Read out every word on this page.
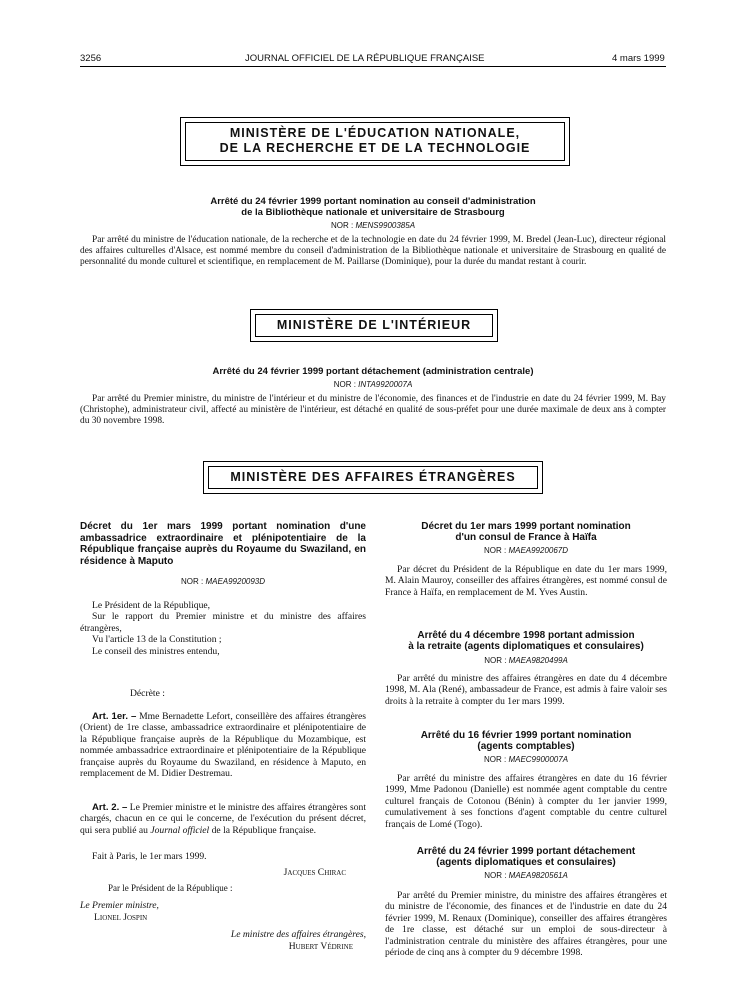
3256	JOURNAL OFFICIEL DE LA RÉPUBLIQUE FRANÇAISE	4 mars 1999
MINISTÈRE DE L'ÉDUCATION NATIONALE,
DE LA RECHERCHE ET DE LA TECHNOLOGIE
Arrêté du 24 février 1999 portant nomination au conseil d'administration
de la Bibliothèque nationale et universitaire de Strasbourg
NOR : MENS9900385A
Par arrêté du ministre de l'éducation nationale, de la recherche et de la technologie en date du 24 février 1999, M. Bredel (Jean-Luc), directeur régional des affaires culturelles d'Alsace, est nommé membre du conseil d'administration de la Bibliothèque nationale et universitaire de Strasbourg en qualité de personnalité du monde culturel et scientifique, en remplacement de M. Paillarse (Dominique), pour la durée du mandat restant à courir.
MINISTÈRE DE L'INTÉRIEUR
Arrêté du 24 février 1999 portant détachement (administration centrale)
NOR : INTA9920007A
Par arrêté du Premier ministre, du ministre de l'intérieur et du ministre de l'économie, des finances et de l'industrie en date du 24 février 1999, M. Bay (Christophe), administrateur civil, affecté au ministère de l'intérieur, est détaché en qualité de sous-préfet pour une durée maximale de deux ans à compter du 30 novembre 1998.
MINISTÈRE DES AFFAIRES ÉTRANGÈRES
Décret du 1er mars 1999 portant nomination d'une ambassadrice extraordinaire et plénipotentiaire de la République française auprès du Royaume du Swaziland, en résidence à Maputo
NOR : MAEA9920093D

Le Président de la République,

Sur le rapport du Premier ministre et du ministre des affaires étrangères,

Vu l'article 13 de la Constitution ;

Le conseil des ministres entendu,

Décrète :

Art. 1er. – Mme Bernadette Lefort, conseillère des affaires étrangères (Orient) de 1re classe, ambassadrice extraordinaire et plénipotentiaire de la République française auprès de la République du Mozambique, est nommée ambassadrice extraordinaire et plénipotentiaire de la République française auprès du Royaume du Swaziland, en résidence à Maputo, en remplacement de M. Didier Destremau.

Art. 2. – Le Premier ministre et le ministre des affaires étrangères sont chargés, chacun en ce qui le concerne, de l'exécution du présent décret, qui sera publié au Journal officiel de la République française.

Fait à Paris, le 1er mars 1999.

Jacques Chirac
Par le Président de la République :
Le Premier ministre,
Lionel Jospin
Le ministre des affaires étrangères,
Hubert Védrine
Décret du 1er mars 1999 portant nomination
d'un consul de France à Haïfa
NOR : MAEA9920067D

Par décret du Président de la République en date du 1er mars 1999, M. Alain Mauroy, conseiller des affaires étrangères, est nommé consul de France à Haïfa, en remplacement de M. Yves Austin.

Arrêté du 4 décembre 1998 portant admission
à la retraite (agents diplomatiques et consulaires)
NOR : MAEA9820499A

Par arrêté du ministre des affaires étrangères en date du 4 décembre 1998, M. Ala (René), ambassadeur de France, est admis à faire valoir ses droits à la retraite à compter du 1er mars 1999.

Arrêté du 16 février 1999 portant nomination
(agents comptables)
NOR : MAEC9900007A

Par arrêté du ministre des affaires étrangères en date du 16 février 1999, Mme Padonou (Danielle) est nommée agent comptable du centre culturel français de Cotonou (Bénin) à compter du 1er janvier 1999, cumulativement à ses fonctions d'agent comptable du centre culturel français de Lomé (Togo).

Arrêté du 24 février 1999 portant détachement
(agents diplomatiques et consulaires)
NOR : MAEA9820561A

Par arrêté du Premier ministre, du ministre des affaires étrangères et du ministre de l'économie, des finances et de l'industrie en date du 24 février 1999, M. Renaux (Dominique), conseiller des affaires étrangères de 1re classe, est détaché sur un emploi de sous-directeur à l'administration centrale du ministère des affaires étrangères, pour une période de cinq ans à compter du 9 décembre 1998.
